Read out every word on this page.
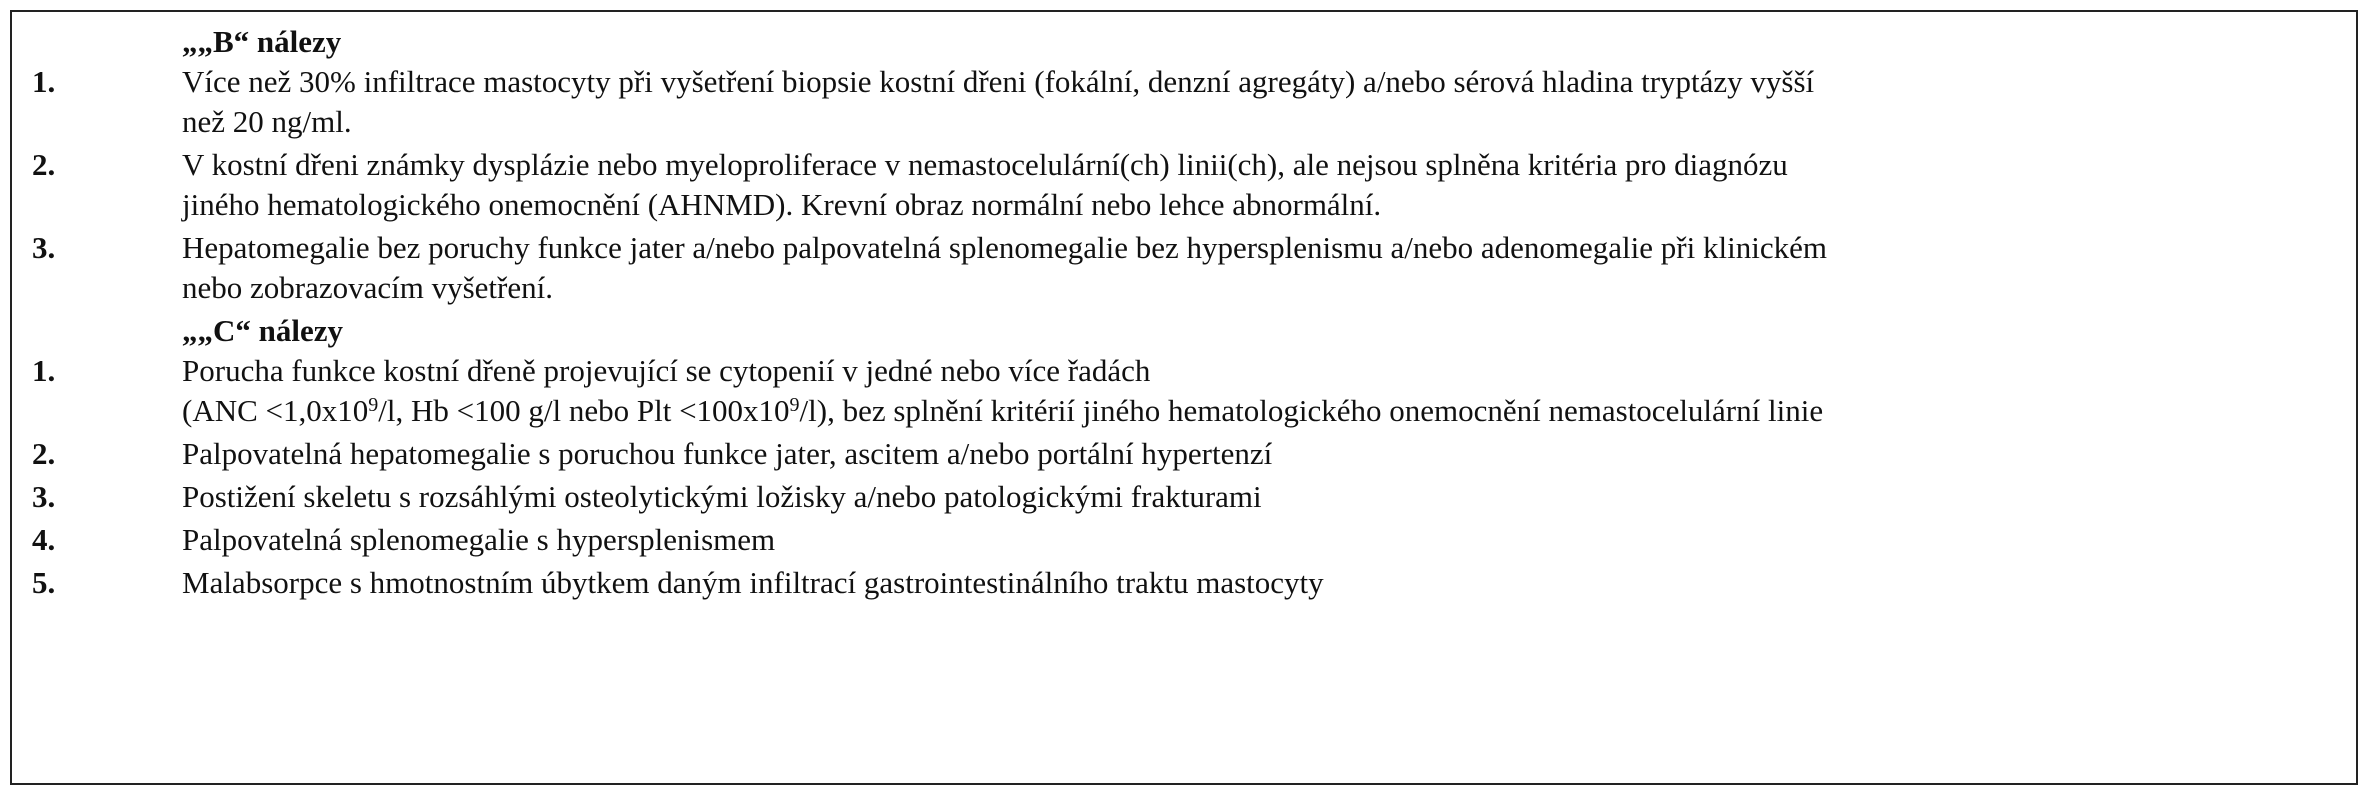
„„B“ nálezy
1.	Více než 30% infiltrace mastocyty při vyšetření biopsie kostní dřeni (fokální, denzní agregáty) a/nebo sérová hladina tryptázy vyšší
než 20 ng/ml.
2.	V kostní dřeni známky dysplázie nebo myeloproliferace v nemastocelulární(ch) linii(ch), ale nejsou splněna kritéria pro diagnózu
jiného hematologického onemocnění (AHNMD). Krevní obraz normální nebo lehce abnormální.
3.	Hepatomegalie bez poruchy funkce jater a/nebo palpovatelná splenomegalie bez hypersplenismu a/nebo adenomegalie při klinickém
nebo zobrazovacím vyšetření.
„„C“ nálezy
1.	Porucha funkce kostní dřeně projevující se cytopenií v jedné nebo více řadách
($ANC <1,0x10^9/l$, Hb <100 g/l nebo Plt $<100x10^9/l$), bez splnění kritérií jiného hematologického onemocnění nemastocelulární linie
2.	Palpovatelná hepatomegalie s poruchou funkce jater, ascitem a/nebo portální hypertenzí
3.	Postižení skeletu s rozsáhlými osteolytickými ložisky a/nebo patologickými frakturami
4.	Palpovatelná splenomegalie s hypersplenismem
5.	Malabsorpce s hmotnostním úbytkem daným infiltrací gastrointestinálního traktu mastocyty
